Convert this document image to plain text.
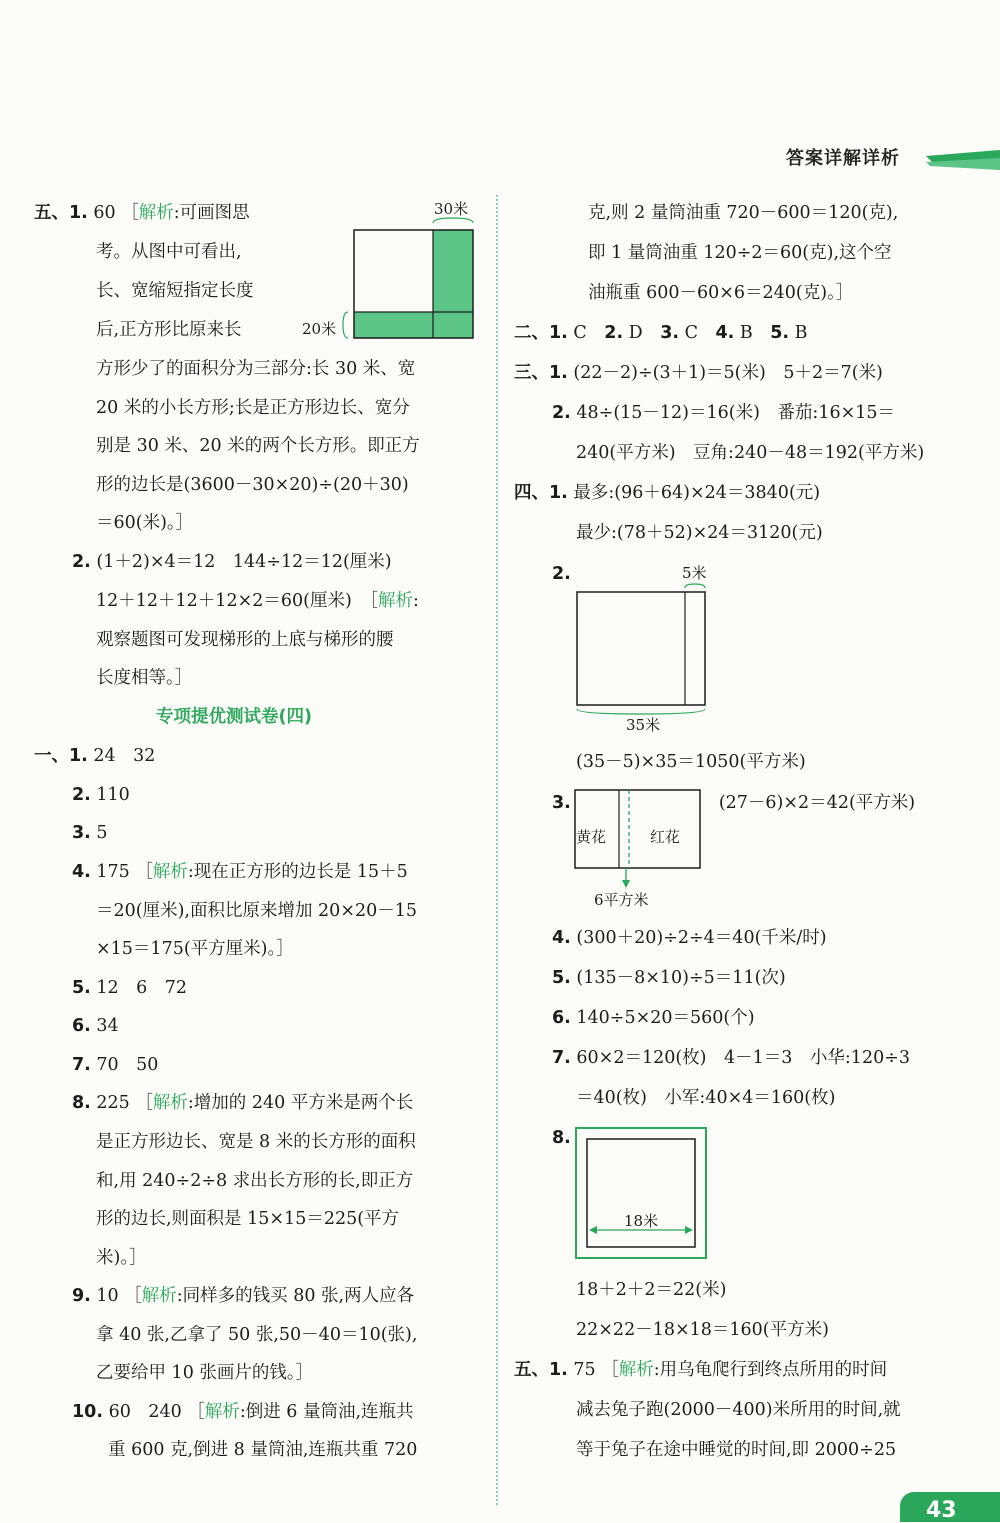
答案详解详析
五、1. 60 ［解析:可画图思
考。从图中可看出,
长、宽缩短指定长度
后,正方形比原来长
方形少了的面积分为三部分:长 30 米、宽
20 米的小长方形;长是正方形边长、宽分
别是 30 米、20 米的两个长方形。即正方
形的边长是(3600－30×20)÷(20＋30)
＝60(米)。］
2. (1＋2)×4＝12　144÷12＝12(厘米)
12＋12＋12＋12×2＝60(厘米)　［解析:
观察题图可发现梯形的上底与梯形的腰
长度相等。］
专项提优测试卷(四)
一、1. 24　32
2. 110
3. 5
4. 175 ［解析:现在正方形的边长是 15＋5
＝20(厘米),面积比原来增加 20×20－15
×15＝175(平方厘米)。］
5. 12　6　72
6. 34
7. 70　50
8. 225 ［解析:增加的 240 平方米是两个长
是正方形边长、宽是 8 米的长方形的面积
和,用 240÷2÷8 求出长方形的长,即正方
形的边长,则面积是 15×15＝225(平方
米)。］
9. 10 ［解析:同样多的钱买 80 张,两人应各
拿 40 张,乙拿了 50 张,50－40＝10(张),
乙要给甲 10 张画片的钱。］
10. 60　240 ［解析:倒进 6 量筒油,连瓶共
重 600 克,倒进 8 量筒油,连瓶共重 720
30米
20米
克,则 2 量筒油重 720－600＝120(克),
即 1 量筒油重 120÷2＝60(克),这个空
油瓶重 600－60×6＝240(克)。］
二、1. C　2. D　3. C　4. B　5. B
三、1. (22－2)÷(3＋1)＝5(米)　5＋2＝7(米)
2. 48÷(15－12)＝16(米)　番茄:16×15＝
240(平方米)　豆角:240－48＝192(平方米)
四、1. 最多:(96＋64)×24＝3840(元)
最少:(78＋52)×24＝3120(元)
2.	5米
35米
(35－5)×35＝1050(平方米)
3.	(27－6)×2＝42(平方米)
黄花	红花
6平方米
4. (300＋20)÷2÷4＝40(千米/时)
5. (135－8×10)÷5＝11(次)
6. 140÷5×20＝560(个)
7. 60×2＝120(枚)　4－1＝3　小华:120÷3
＝40(枚)　小军:40×4＝160(枚)
8.
18米
18＋2＋2＝22(米)
22×22－18×18＝160(平方米)
五、1. 75 ［解析:用乌龟爬行到终点所用的时间
减去兔子跑(2000－400)米所用的时间,就
等于兔子在途中睡觉的时间,即 2000÷25
43
